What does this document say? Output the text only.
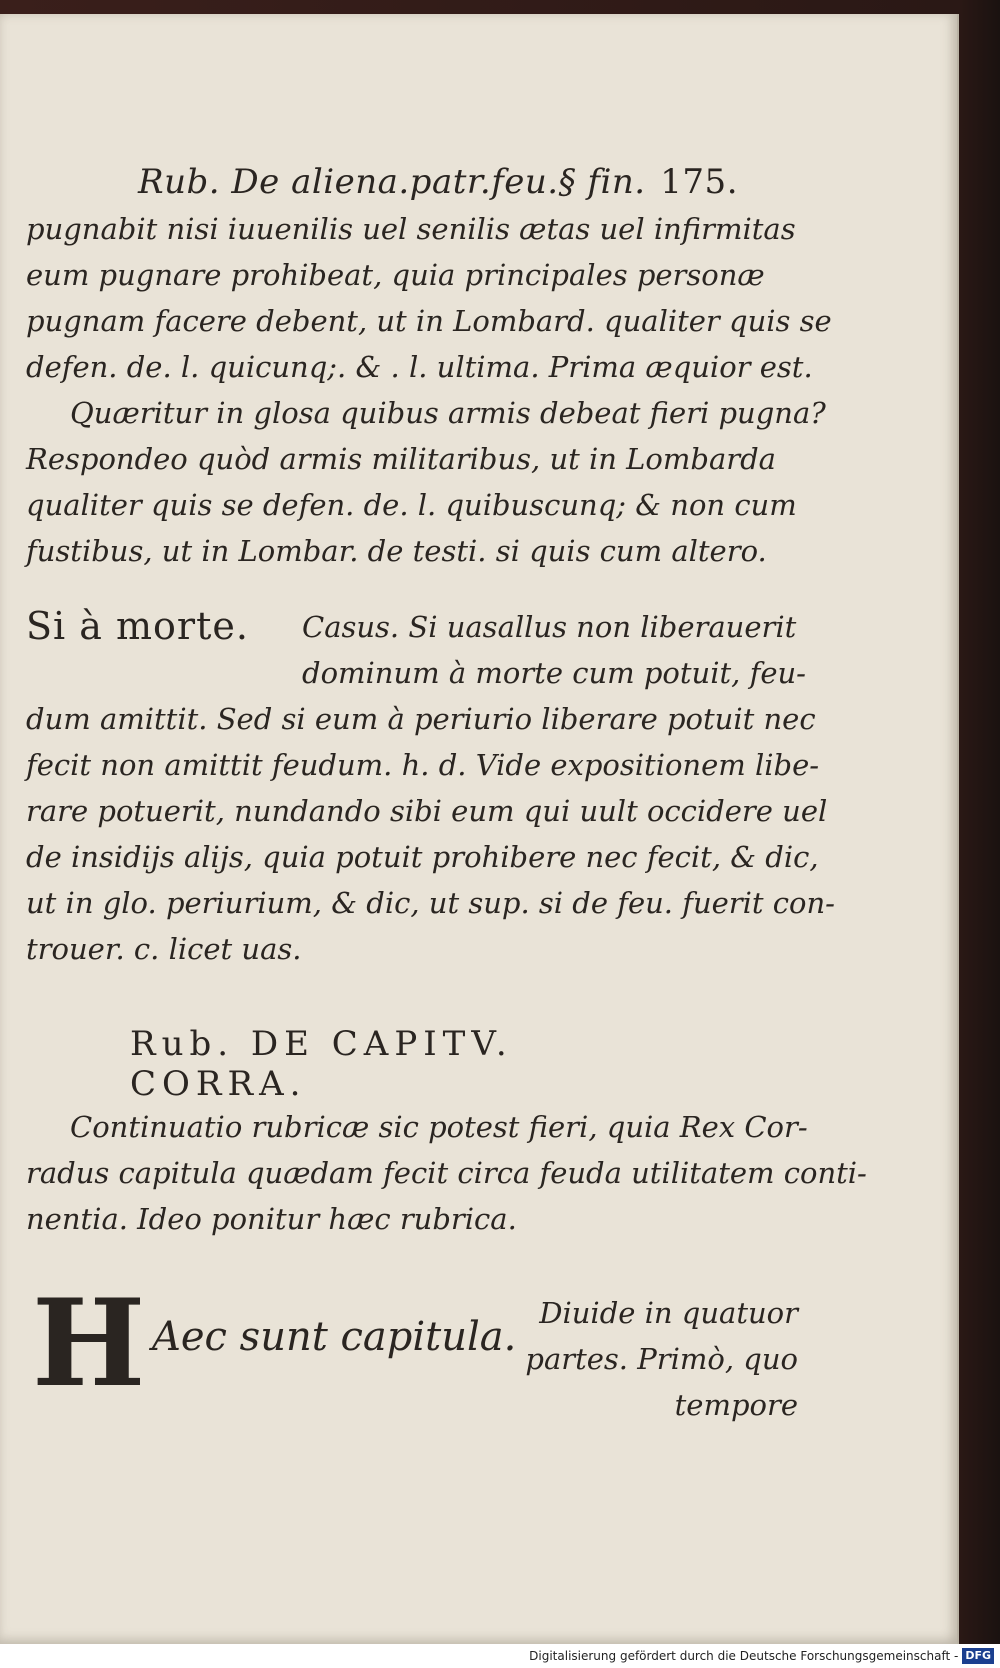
Rub. De aliena.patr.feu.§ fin. 175.
pugnabit nisi iuuenilis uel senilis ætas uel infirmitas
eum pugnare prohibeat, quia principales personæ
pugnam facere debent, ut in Lombard. qualiter quis se
defen. de. l. quicunq;. & . l. ultima. Prima æquior est.
Quæritur in glosa quibus armis debeat fieri pugna?
Respondeo quòd armis militaribus, ut in Lombarda
qualiter quis se defen. de. l. quibuscunq; & non cum
fustibus, ut in Lombar. de testi. si quis cum altero.
Si à morte. Casus. Si uasallus non liberauerit
dominum à morte cum potuit, feu-
dum amittit. Sed si eum à periurio liberare potuit nec
fecit non amittit feudum. h. d. Vide expositionem libe-
rare potuerit, nundando sibi eum qui uult occidere uel
de insidijs alijs, quia potuit prohibere nec fecit, & dic,
ut in glo. periurium, & dic, ut sup. si de feu. fuerit con-
trouer. c. licet uas.
Rub. DE CAPITV. CORRA.
Continuatio rubricæ sic potest fieri, quia Rex Cor-
radus capitula quædam fecit circa feuda utilitatem conti-
nentia. Ideo ponitur hæc rubrica.
H Aec sunt capitula.
Diuide in quatuor
partes. Primò, quo
tempore
Digitalisierung gefördert durch die Deutsche Forschungsgemeinschaft - DFG
